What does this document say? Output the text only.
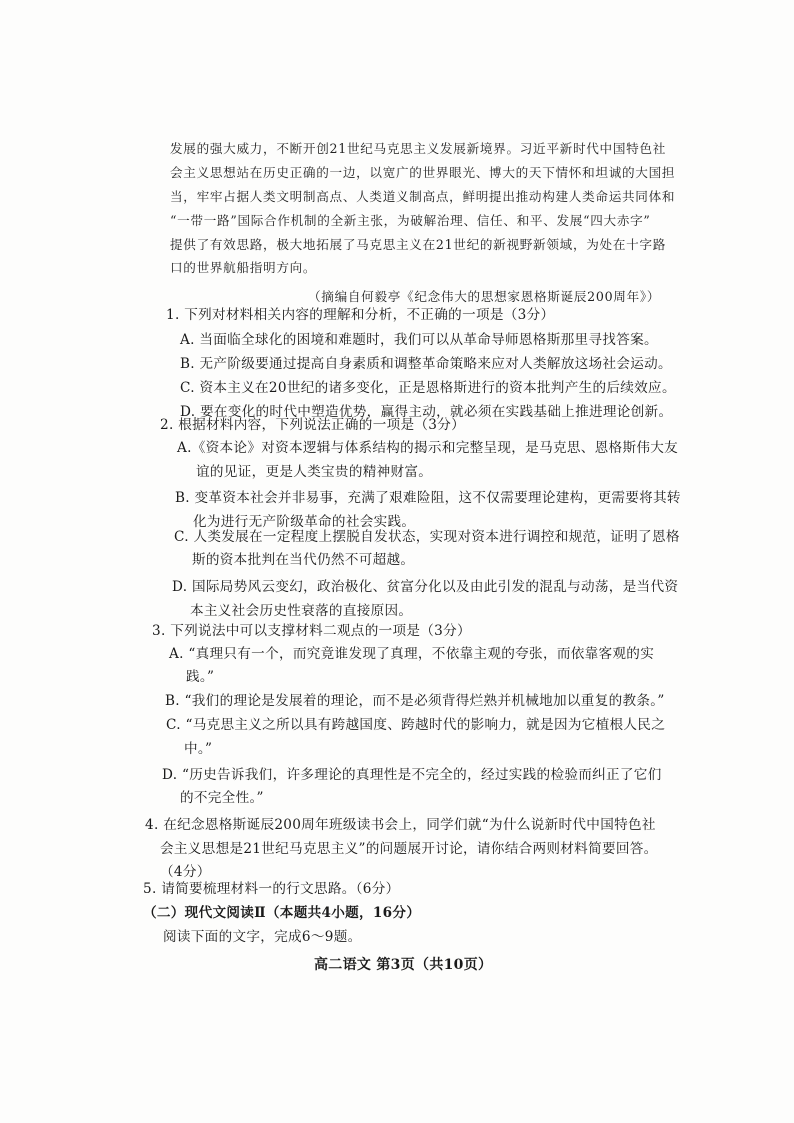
发展的强大威力，不断开创21世纪马克思主义发展新境界。习近平新时代中国特色社
会主义思想站在历史正确的一边，以宽广的世界眼光、博大的天下情怀和坦诚的大国担
当，牢牢占据人类文明制高点、人类道义制高点，鲜明提出推动构建人类命运共同体和
“一带一路”国际合作机制的全新主张，为破解治理、信任、和平、发展“四大赤字”
提供了有效思路，极大地拓展了马克思主义在21世纪的新视野新领域，为处在十字路
口的世界航船指明方向。
（摘编自何毅亭《纪念伟大的思想家恩格斯诞辰200周年》）
1. 下列对材料相关内容的理解和分析，不正确的一项是（3分）
A. 当面临全球化的困境和难题时，我们可以从革命导师恩格斯那里寻找答案。
B. 无产阶级要通过提高自身素质和调整革命策略来应对人类解放这场社会运动。
C. 资本主义在20世纪的诸多变化，正是恩格斯进行的资本批判产生的后续效应。
D. 要在变化的时代中塑造优势，赢得主动，就必须在实践基础上推进理论创新。
2. 根据材料内容，下列说法正确的一项是（3分）
A.《资本论》对资本逻辑与体系结构的揭示和完整呈现，是马克思、恩格斯伟大友
谊的见证，更是人类宝贵的精神财富。
B. 变革资本社会并非易事，充满了艰难险阻，这不仅需要理论建构，更需要将其转
化为进行无产阶级革命的社会实践。
C. 人类发展在一定程度上摆脱自发状态，实现对资本进行调控和规范，证明了恩格
斯的资本批判在当代仍然不可超越。
D. 国际局势风云变幻，政治极化、贫富分化以及由此引发的混乱与动荡，是当代资
本主义社会历史性衰落的直接原因。
3. 下列说法中可以支撑材料二观点的一项是（3分）
A. “真理只有一个，而究竟谁发现了真理，不依靠主观的夸张，而依靠客观的实
践。”
B. “我们的理论是发展着的理论，而不是必须背得烂熟并机械地加以重复的教条。”
C. “马克思主义之所以具有跨越国度、跨越时代的影响力，就是因为它植根人民之
中。”
D. “历史告诉我们，许多理论的真理性是不完全的，经过实践的检验而纠正了它们
的不完全性。”
4. 在纪念恩格斯诞辰200周年班级读书会上，同学们就“为什么说新时代中国特色社
会主义思想是21世纪马克思主义”的问题展开讨论，请你结合两则材料简要回答。
（4分）
5. 请简要梳理材料一的行文思路。（6分）
（二）现代文阅读Ⅱ（本题共4小题，16分）
阅读下面的文字，完成6～9题。
高二语文 第3页（共10页）
